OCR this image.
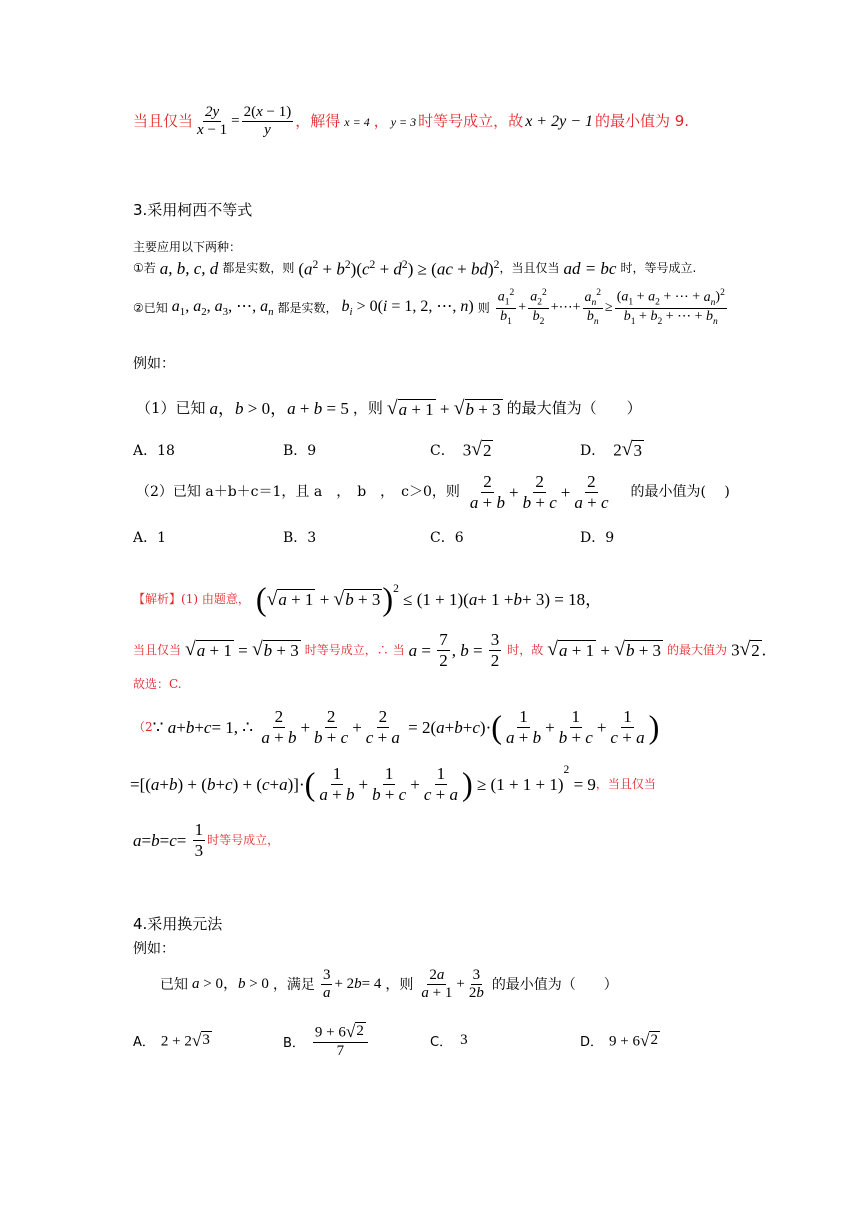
当且仅当 $\frac{2y}{x - 1} = \frac{2(x - 1)}{y}$ ，解得 x = 4 ， y = 3 时等号成立，故 x + 2y − 1 的最小值为 9.
3.采用柯西不等式
主要应用以下两种：
①若 a, b, c, d 都是实数，则 $(a^2 + b^2)(c^2 + d^2) \ge (ac + bd)^2$ ，当且仅当 ad = bc 时，等号成立.
②已知 $a_1$, $a_2$, $a_3$, ⋯, $a_n$ 都是实数， $b_i > 0(i = 1$, 2, ⋯, n) 则 $\frac{a_1^2}{b_1} + \frac{a_2^2}{b_2}$ +⋯+ $\frac{a_n^2}{b_n} \ge \frac{(a_1 + a_2 + \cdots + a_n)^2}{b_1 + b_2 + \cdots + b_n}$
例如：
（1）已知 a，b > 0，a + b = 5 ，则 √ a + 1 + √ b + 3 的最大值为（　　）
A．18	B．9	C． 3 √ 2	D． 2 √ 3
（2）已知 a＋b＋c＝1，且 a　，　b　，　c＞0，则 $\frac{2}{a + b} + \frac{2}{b + c} + \frac{2}{a + c}$ 的最小值为(　 )
A．1	B．3	C．6	D．9
【解析】 (1) 由题意， ( √ a + 1 + √ b + 3 )$^2$
≤ (1 + 1)( a + 1 + b + 3) = 18，
当且仅当 √ a + 1 = √ b + 3 时等号成立，∴ 当 $a = \frac{7}{2}$ , $b = \frac{3}{2}$ 时，故 √ a + 1 + √ b + 3 的最大值为 3 √ 2 .
故选：C.
（2 ∵ a + b + c = 1, ∴ $\frac{2}{a + b} + \frac{2}{b + c} + \frac{2}{c + a} = 2$( a + b + c )· ( $\frac{1}{a + b} + \frac{1}{b + c} + \frac{1}{c + a}$ )
=[( a + b ) + ( b + c ) + ( c + a )]· ( $\frac{1}{a + b} + \frac{1}{b + c} + \frac{1}{c + a}$ ) ≥ (1 + 1 + 1)
$^2$
= 9 ，当且仅当
$a = b = c = \frac{1}{3}$ 时等号成立，
4.采用换元法
例如：
已知 a > 0，b > 0 ，满足 $\frac{3}{a} + 2$ b = 4 ，则 $\frac{2a}{a + 1} + \frac{3}{2b}$ 的最小值为（　　）
A． 2 + 2 √ 3	B． $\frac{9 + 6 √ 2}{7}$	C． 3	D． 9 + 6 √ 2
